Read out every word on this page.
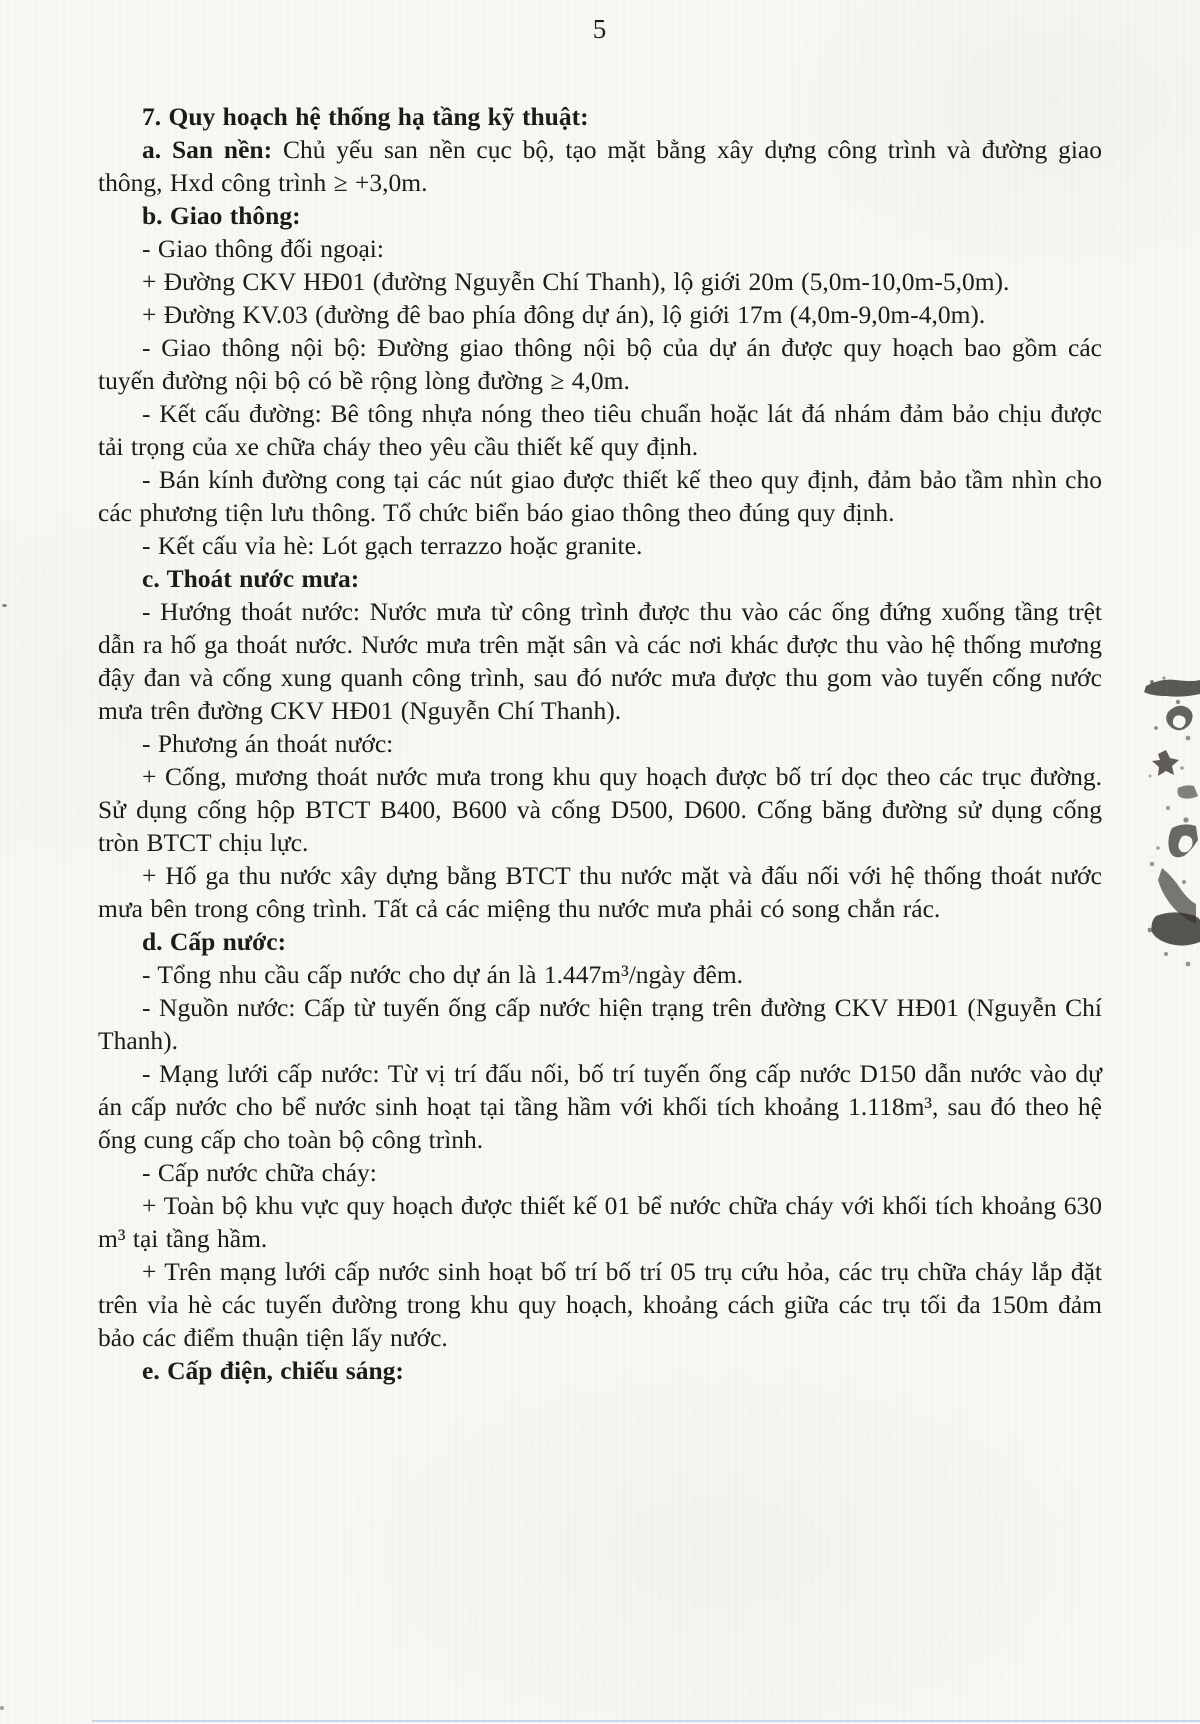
5

7. Quy hoạch hệ thống hạ tầng kỹ thuật:

a. San nền: Chủ yếu san nền cục bộ, tạo mặt bằng xây dựng công trình và đường giao thông, Hxd công trình ≥ +3,0m.

b. Giao thông:

- Giao thông đối ngoại:

+ Đường CKV HĐ01 (đường Nguyễn Chí Thanh), lộ giới 20m (5,0m-10,0m-5,0m).

+ Đường KV.03 (đường đê bao phía đông dự án), lộ giới 17m (4,0m-9,0m-4,0m).

- Giao thông nội bộ: Đường giao thông nội bộ của dự án được quy hoạch bao gồm các tuyến đường nội bộ có bề rộng lòng đường ≥ 4,0m.

- Kết cấu đường: Bê tông nhựa nóng theo tiêu chuẩn hoặc lát đá nhám đảm bảo chịu được tải trọng của xe chữa cháy theo yêu cầu thiết kế quy định.

- Bán kính đường cong tại các nút giao được thiết kế theo quy định, đảm bảo tầm nhìn cho các phương tiện lưu thông. Tổ chức biển báo giao thông theo đúng quy định.

- Kết cấu vỉa hè: Lót gạch terrazzo hoặc granite.

c. Thoát nước mưa:

- Hướng thoát nước: Nước mưa từ công trình được thu vào các ống đứng xuống tầng trệt dẫn ra hố ga thoát nước. Nước mưa trên mặt sân và các nơi khác được thu vào hệ thống mương đậy đan và cống xung quanh công trình, sau đó nước mưa được thu gom vào tuyến cống nước mưa trên đường CKV HĐ01 (Nguyễn Chí Thanh).

- Phương án thoát nước:

+ Cống, mương thoát nước mưa trong khu quy hoạch được bố trí dọc theo các trục đường. Sử dụng cống hộp BTCT B400, B600 và cống D500, D600. Cống băng đường sử dụng cống tròn BTCT chịu lực.

+ Hố ga thu nước xây dựng bằng BTCT thu nước mặt và đấu nối với hệ thống thoát nước mưa bên trong công trình. Tất cả các miệng thu nước mưa phải có song chắn rác.

d. Cấp nước:

- Tổng nhu cầu cấp nước cho dự án là 1.447m³/ngày đêm.

- Nguồn nước: Cấp từ tuyến ống cấp nước hiện trạng trên đường CKV HĐ01 (Nguyễn Chí Thanh).

- Mạng lưới cấp nước: Từ vị trí đấu nối, bố trí tuyến ống cấp nước D150 dẫn nước vào dự án cấp nước cho bể nước sinh hoạt tại tầng hầm với khối tích khoảng 1.118m³, sau đó theo hệ ống cung cấp cho toàn bộ công trình.

- Cấp nước chữa cháy:

+ Toàn bộ khu vực quy hoạch được thiết kế 01 bể nước chữa cháy với khối tích khoảng 630 m³ tại tầng hầm.

+ Trên mạng lưới cấp nước sinh hoạt bố trí bố trí 05 trụ cứu hỏa, các trụ chữa cháy lắp đặt trên vỉa hè các tuyến đường trong khu quy hoạch, khoảng cách giữa các trụ tối đa 150m đảm bảo các điểm thuận tiện lấy nước.

e. Cấp điện, chiếu sáng:
